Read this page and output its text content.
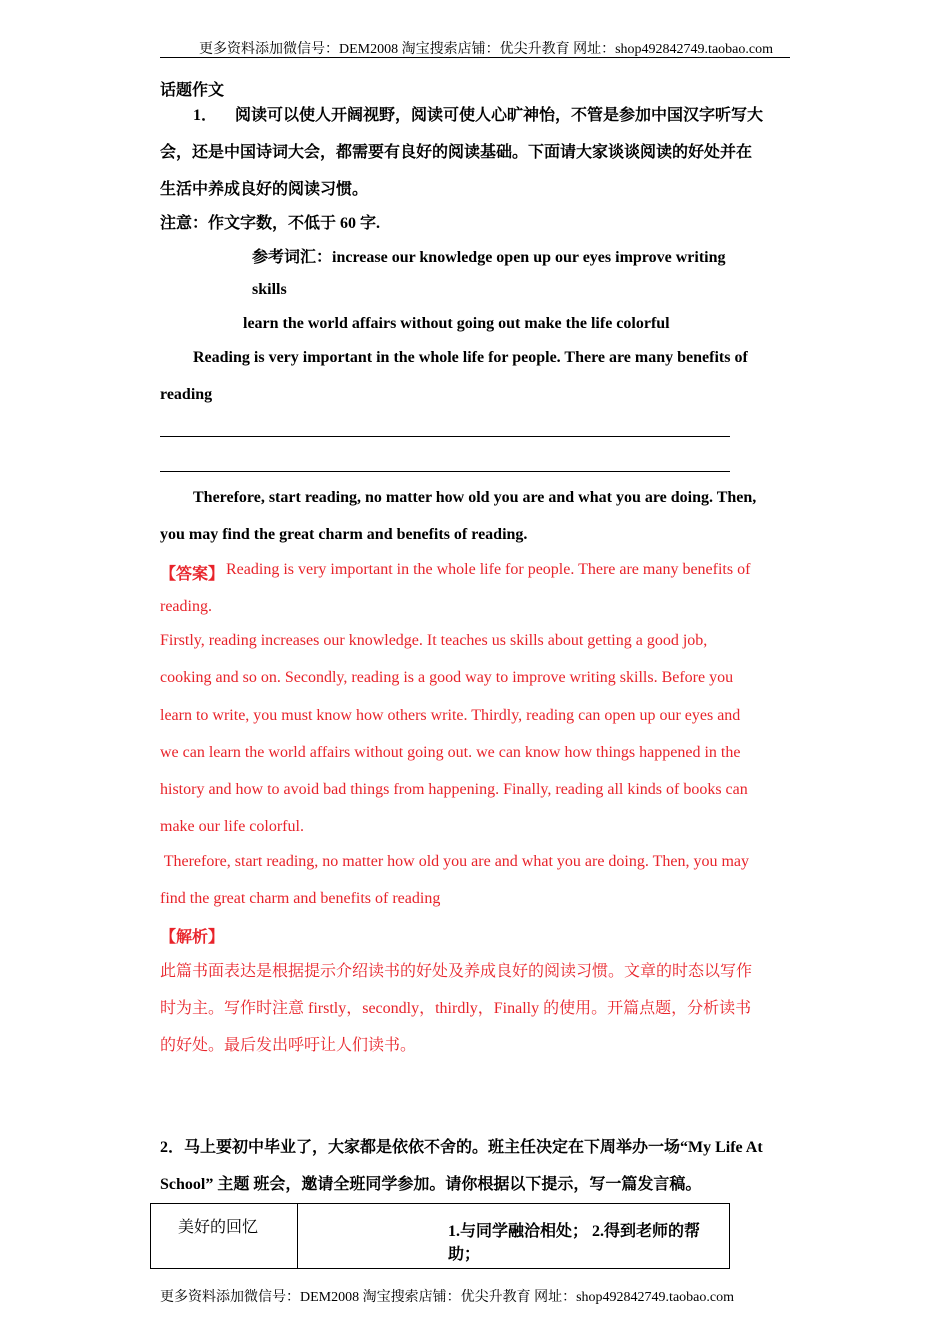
更多资料添加微信号：DEM2008 淘宝搜索店铺：优尖升教育 网址：shop492842749.taobao.com
话题作文
1． 阅读可以使人开阔视野，阅读可使人心旷神怡，不管是参加中国汉字听写大
会，还是中国诗词大会，都需要有良好的阅读基础。下面请大家谈谈阅读的好处并在
生活中养成良好的阅读习惯。
注意：作文字数，不低于 60 字.
参考词汇：increase our knowledge open up our eyes improve writing
skills
learn the world affairs without going out make the life colorful
Reading is very important in the whole life for people. There are many benefits of
reading
Therefore, start reading, no matter how old you are and what you are doing. Then,
you may find the great charm and benefits of reading.
【答案】 Reading is very important in the whole life for people. There are many benefits of
reading.
Firstly, reading increases our knowledge. It teaches us skills about getting a good job,
cooking and so on. Secondly, reading is a good way to improve writing skills. Before you
learn to write, you must know how others write. Thirdly, reading can open up our eyes and
we can learn the world affairs without going out. we can know how things happened in the
history and how to avoid bad things from happening. Finally, reading all kinds of books can
make our life colorful.
Therefore, start reading, no matter how old you are and what you are doing. Then, you may
find the great charm and benefits of reading
【解析】
此篇书面表达是根据提示介绍读书的好处及养成良好的阅读习惯。文章的时态以写作
时为主。写作时注意 firstly，secondly，thirdly，Finally 的使用。开篇点题，分析读书
的好处。最后发出呼吁让人们读书。
2．马上要初中毕业了，大家都是依依不舍的。班主任决定在下周举办一场“My Life At
School” 主题 班会，邀请全班同学参加。请你根据以下提示，写一篇发言稿。
美好的回忆	1.与同学融洽相处； 2.得到老师的帮助；
更多资料添加微信号：DEM2008 淘宝搜索店铺：优尖升教育 网址：shop492842749.taobao.com
